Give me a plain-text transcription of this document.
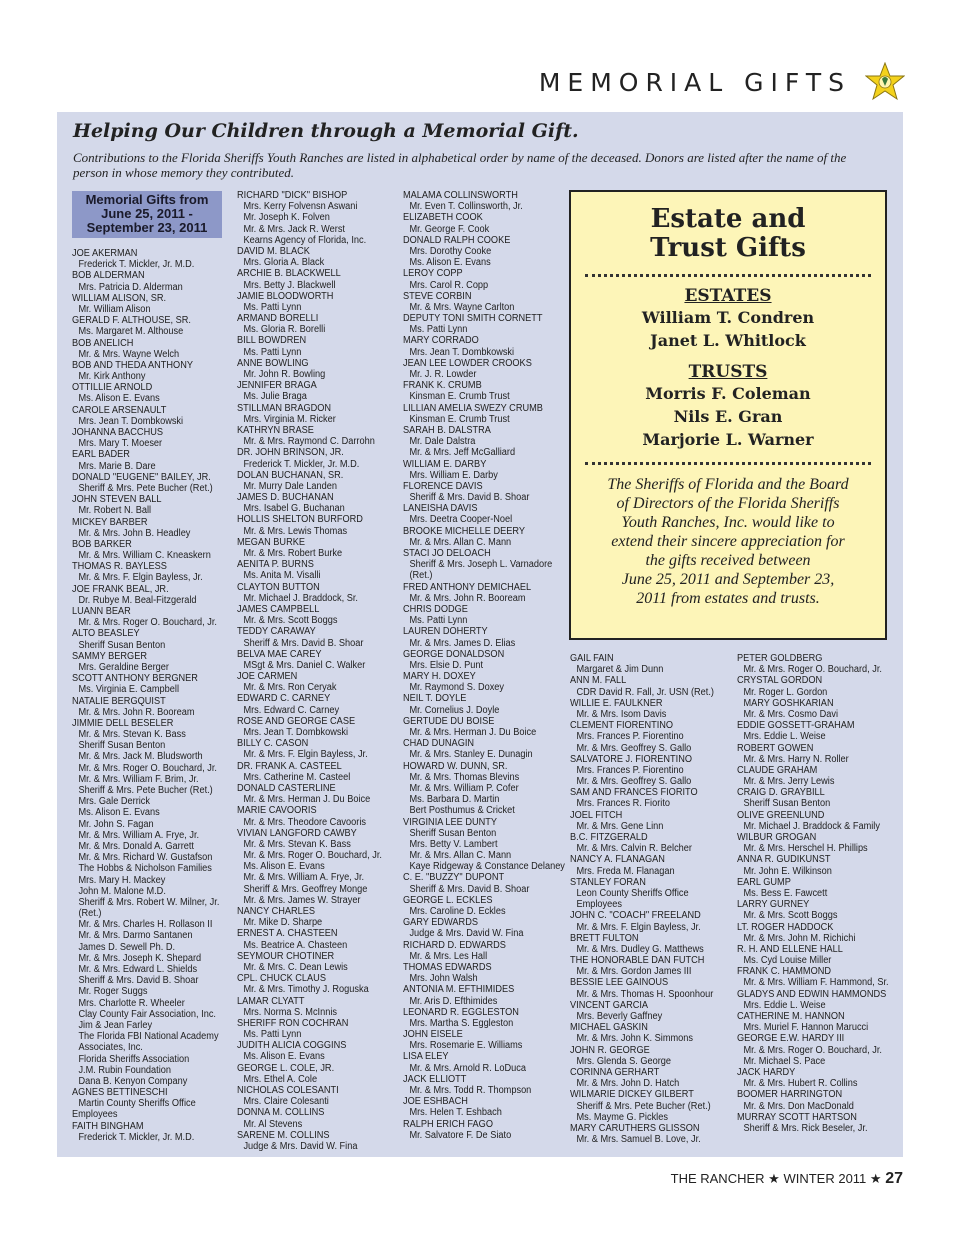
MEMORIAL GIFTS
Helping Our Children through a Memorial Gift.
Contributions to the Florida Sheriffs Youth Ranches are listed in alphabetical order by name of the deceased. Donors are listed after the name of the person in whose memory they contributed.
Memorial Gifts from
June 25, 2011 -
September 23, 2011
JOE AKERMAN
Frederick T. Mickler, Jr. M.D.
BOB ALDERMAN
Mrs. Patricia D. Alderman
WILLIAM ALISON, SR.
Mr. William Alison
GERALD F. ALTHOUSE, SR.
Ms. Margaret M. Althouse
BOB ANELICH
Mr. & Mrs. Wayne Welch
BOB AND THEDA ANTHONY
Mr. Kirk Anthony
OTTILLIE ARNOLD
Ms. Alison E. Evans
CAROLE ARSENAULT
Mrs. Jean T. Dombkowski
JOHANNA BACCHUS
Mrs. Mary T. Moeser
EARL BADER
Mrs. Marie B. Dare
DONALD "EUGENE" BAILEY, JR.
Sheriff & Mrs. Pete Bucher (Ret.)
JOHN STEVEN BALL
Mr. Robert N. Ball
MICKEY BARBER
Mr. & Mrs. John B. Headley
BOB BARKER
Mr. & Mrs. William C. Kneaskern
THOMAS R. BAYLESS
Mr. & Mrs. F. Elgin Bayless, Jr.
JOE FRANK BEAL, JR.
Dr. Rubye M. Beal-Fitzgerald
LUANN BEAR
Mr. & Mrs. Roger O. Bouchard, Jr.
ALTO BEASLEY
Sheriff Susan Benton
SAMMY BERGER
Mrs. Geraldine Berger
SCOTT ANTHONY BERGNER
Ms. Virginia E. Campbell
NATALIE BERGQUIST
Mr. & Mrs. John R. Booream
JIMMIE DELL BESELER
Mr. & Mrs. Stevan K. Bass
Sheriff Susan Benton
Mr. & Mrs. Jack M. Bludsworth
Mr. & Mrs. Roger O. Bouchard, Jr.
Mr. & Mrs. William F. Brim, Jr.
Sheriff & Mrs. Pete Bucher (Ret.)
Mrs. Gale Derrick
Ms. Alison E. Evans
Mr. John S. Fagan
Mr. & Mrs. William A. Frye, Jr.
Mr. & Mrs. Donald A. Garrett
Mr. & Mrs. Richard W. Gustafson
The Hobbs & Nicholson Families
Mrs. Mary H. Mackey
John M. Malone M.D.
Sheriff & Mrs. Robert W. Milner, Jr.
(Ret.)
Mr. & Mrs. Charles H. Rollason II
Mr. & Mrs. Darmo Santanen
James D. Sewell Ph. D.
Mr. & Mrs. Joseph K. Shepard
Mr. & Mrs. Edward L. Shields
Sheriff & Mrs. David B. Shoar
Mr. Roger Suggs
Mrs. Charlotte R. Wheeler
Clay County Fair Association, Inc.
Jim & Jean Farley
The Florida FBI National Academy
Associates, Inc.
Florida Sheriffs Association
J.M. Rubin Foundation
Dana B. Kenyon Company
AGNES BETTINESCHI
Martin County Sheriffs Office
Employees
FAITH BINGHAM
Frederick T. Mickler, Jr. M.D.
RICHARD "DICK" BISHOP
Mrs. Kerry Folvensn Aswani
Mr. Joseph K. Folven
Mr. & Mrs. Jack R. Werst
Kearns Agency of Florida, Inc.
DAVID M. BLACK
Mrs. Gloria A. Black
ARCHIE B. BLACKWELL
Mrs. Betty J. Blackwell
JAMIE BLOODWORTH
Ms. Patti Lynn
ARMAND BORELLI
Ms. Gloria R. Borelli
BILL BOWDREN
Ms. Patti Lynn
ANNE BOWLING
Mr. John R. Bowling
JENNIFER BRAGA
Ms. Julie Braga
STILLMAN BRAGDON
Mrs. Virginia M. Ricker
KATHRYN BRASE
Mr. & Mrs. Raymond C. Darrohn
DR. JOHN BRINSON, JR.
Frederick T. Mickler, Jr. M.D.
DOLAN BUCHANAN, SR.
Mr. Murry Dale Landen
JAMES D. BUCHANAN
Mrs. Isabel G. Buchanan
HOLLIS SHELTON BURFORD
Mr. & Mrs. Lewis Thomas
MEGAN BURKE
Mr. & Mrs. Robert Burke
AENITA P. BURNS
Ms. Anita M. Visalli
CLAYTON BUTTON
Mr. Michael J. Braddock, Sr.
JAMES CAMPBELL
Mr. & Mrs. Scott Boggs
TEDDY CARAWAY
Sheriff & Mrs. David B. Shoar
BELVA MAE CAREY
MSgt & Mrs. Daniel C. Walker
JOE CARMEN
Mr. & Mrs. Ron Ceryak
EDWARD C. CARNEY
Mrs. Edward C. Carney
ROSE AND GEORGE CASE
Mrs. Jean T. Dombkowski
BILLY C. CASON
Mr. & Mrs. F. Elgin Bayless, Jr.
DR. FRANK A. CASTEEL
Mrs. Catherine M. Casteel
DONALD CASTERLINE
Mr. & Mrs. Herman J. Du Boice
MARIE CAVOORIS
Mr. & Mrs. Theodore Cavooris
VIVIAN LANGFORD CAWBY
Mr. & Mrs. Stevan K. Bass
Mr. & Mrs. Roger O. Bouchard, Jr.
Ms. Alison E. Evans
Mr. & Mrs. William A. Frye, Jr.
Sheriff & Mrs. Geoffrey Monge
Mr. & Mrs. James W. Strayer
NANCY CHARLES
Mr. Mike D. Sharpe
ERNEST A. CHASTEEN
Ms. Beatrice A. Chasteen
SEYMOUR CHOTINER
Mr. & Mrs. C. Dean Lewis
CPL. CHUCK CLAUS
Mr. & Mrs. Timothy J. Roguska
LAMAR CLYATT
Mrs. Norma S. McInnis
SHERIFF RON COCHRAN
Ms. Patti Lynn
JUDITH ALICIA COGGINS
Ms. Alison E. Evans
GEORGE L. COLE, JR.
Mrs. Ethel A. Cole
NICHOLAS COLESANTI
Mrs. Claire Colesanti
DONNA M. COLLINS
Mr. Al Stevens
SARENE M. COLLINS
Judge & Mrs. David W. Fina
MALAMA COLLINSWORTH
Mr. Even T. Collinsworth, Jr.
ELIZABETH COOK
Mr. George F. Cook
DONALD RALPH COOKE
Mrs. Dorothy Cooke
Ms. Alison E. Evans
LEROY COPP
Mrs. Carol R. Copp
STEVE CORBIN
Mr. & Mrs. Wayne Carlton
DEPUTY TONI SMITH CORNETT
Ms. Patti Lynn
MARY CORRADO
Mrs. Jean T. Dombkowski
JEAN LEE LOWDER CROOKS
Mr. J. R. Lowder
FRANK K. CRUMB
Kinsman E. Crumb Trust
LILLIAN AMELIA SWEZY CRUMB
Kinsman E. Crumb Trust
SARAH B. DALSTRA
Mr. Dale Dalstra
Mr. & Mrs. Jeff McGalliard
WILLIAM E. DARBY
Mrs. William E. Darby
FLORENCE DAVIS
Sheriff & Mrs. David B. Shoar
LANEISHA DAVIS
Mrs. Deetra Cooper-Noel
BROOKE MICHELLE DEERY
Mr. & Mrs. Allan C. Mann
STACI JO DELOACH
Sheriff & Mrs. Joseph L. Varnadore
(Ret.)
FRED ANTHONY DEMICHAEL
Mr. & Mrs. John R. Booream
CHRIS DODGE
Ms. Patti Lynn
LAUREN DOHERTY
Mr. & Mrs. James D. Elias
GEORGE DONALDSON
Mrs. Elsie D. Punt
MARY H. DOXEY
Mr. Raymond S. Doxey
NEIL T. DOYLE
Mr. Cornelius J. Doyle
GERTUDE DU BOISE
Mr. & Mrs. Herman J. Du Boice
CHAD DUNAGIN
Mr. & Mrs. Stanley E. Dunagin
HOWARD W. DUNN, SR.
Mr. & Mrs. Thomas Blevins
Mr. & Mrs. William P. Cofer
Ms. Barbara D. Martin
Bert Posthumus & Cricket
VIRGINIA LEE DUNTY
Sheriff Susan Benton
Mrs. Betty V. Lambert
Mr. & Mrs. Allan C. Mann
Kaye Ridgeway & Constance Delaney
C. E. "BUZZY" DUPONT
Sheriff & Mrs. David B. Shoar
GEORGE L. ECKLES
Mrs. Caroline D. Eckles
GARY EDWARDS
Judge & Mrs. David W. Fina
RICHARD D. EDWARDS
Mr. & Mrs. Les Hall
THOMAS EDWARDS
Mrs. John Walsh
ANTONIA M. EFTHIMIDES
Mr. Aris D. Efthimides
LEONARD R. EGGLESTON
Mrs. Martha S. Eggleston
JOHN EISELE
Mrs. Rosemarie E. Williams
LISA ELEY
Mr. & Mrs. Arnold R. LoDuca
JACK ELLIOTT
Mr. & Mrs. Todd R. Thompson
JOE ESHBACH
Mrs. Helen T. Eshbach
RALPH ERICH FAGO
Mr. Salvatore F. De Siato
GAIL FAIN
Margaret & Jim Dunn
ANN M. FALL
CDR David R. Fall, Jr. USN (Ret.)
WILLIE E. FAULKNER
Mr. & Mrs. Isom Davis
CLEMENT FIORENTINO
Mrs. Frances P. Fiorentino
Mr. & Mrs. Geoffrey S. Gallo
SALVATORE J. FIORENTINO
Mrs. Frances P. Fiorentino
Mr. & Mrs. Geoffrey S. Gallo
SAM AND FRANCES FIORITO
Mrs. Frances R. Fiorito
JOEL FITCH
Mr. & Mrs. Gene Linn
B.C. FITZGERALD
Mr. & Mrs. Calvin R. Belcher
NANCY A. FLANAGAN
Mrs. Freda M. Flanagan
STANLEY FORAN
Leon County Sheriffs Office
Employees
JOHN C. "COACH" FREELAND
Mr. & Mrs. F. Elgin Bayless, Jr.
BRETT FULTON
Mr. & Mrs. Dudley G. Matthews
THE HONORABLE DAN FUTCH
Mr. & Mrs. Gordon James III
BESSIE LEE GAINOUS
Mr. & Mrs. Thomas H. Spoonhour
VINCENT GARCIA
Mrs. Beverly Gaffney
MICHAEL GASKIN
Mr. & Mrs. John K. Simmons
JOHN R. GEORGE
Mrs. Glenda S. George
CORINNA GERHART
Mr. & Mrs. John D. Hatch
WILMARIE DICKEY GILBERT
Sheriff & Mrs. Pete Bucher (Ret.)
Ms. Mayme G. Pickles
MARY CARUTHERS GLISSON
Mr. & Mrs. Samuel B. Love, Jr.
PETER GOLDBERG
Mr. & Mrs. Roger O. Bouchard, Jr.
CRYSTAL GORDON
Mr. Roger L. Gordon
MARY GOSHKARIAN
Mr. & Mrs. Cosmo Davi
EDDIE GOSSETT-GRAHAM
Mrs. Eddie L. Weise
ROBERT GOWEN
Mr. & Mrs. Harry N. Roller
CLAUDE GRAHAM
Mr. & Mrs. Jerry Lewis
CRAIG D. GRAYBILL
Sheriff Susan Benton
OLIVE GREENLUND
Mr. Michael J. Braddock & Family
WILBUR GROGAN
Mr. & Mrs. Herschel H. Phillips
ANNA R. GUDIKUNST
Mr. John E. Wilkinson
EARL GUMP
Ms. Bess E. Fawcett
LARRY GURNEY
Mr. & Mrs. Scott Boggs
LT. ROGER HADDOCK
Mr. & Mrs. John M. Richichi
R. H. AND ELLENE HALL
Ms. Cyd Louise Miller
FRANK C. HAMMOND
Mr. & Mrs. William F. Hammond, Sr.
GLADYS AND EDWIN HAMMONDS
Mrs. Eddie L. Weise
CATHERINE M. HANNON
Mrs. Muriel F. Hannon Marucci
GEORGE E.W. HARDY III
Mr. & Mrs. Roger O. Bouchard, Jr.
Mr. Michael S. Pace
JACK HARDY
Mr. & Mrs. Hubert R. Collins
BOOMER HARRINGTON
Mr. & Mrs. Don MacDonald
MURRAY SCOTT HARTSON
Sheriff & Mrs. Rick Beseler, Jr.
Estate and
Trust Gifts
ESTATES
William T. Condren
Janet L. Whitlock
TRUSTS
Morris F. Coleman
Nils E. Gran
Marjorie L. Warner
The Sheriffs of Florida and the Board
of Directors of the Florida Sheriffs
Youth Ranches, Inc. would like to
extend their sincere appreciation for
the gifts received between
June 25, 2011 and September 23,
2011 from estates and trusts.
THE RANCHER ★ WINTER 2011 ★ 27
